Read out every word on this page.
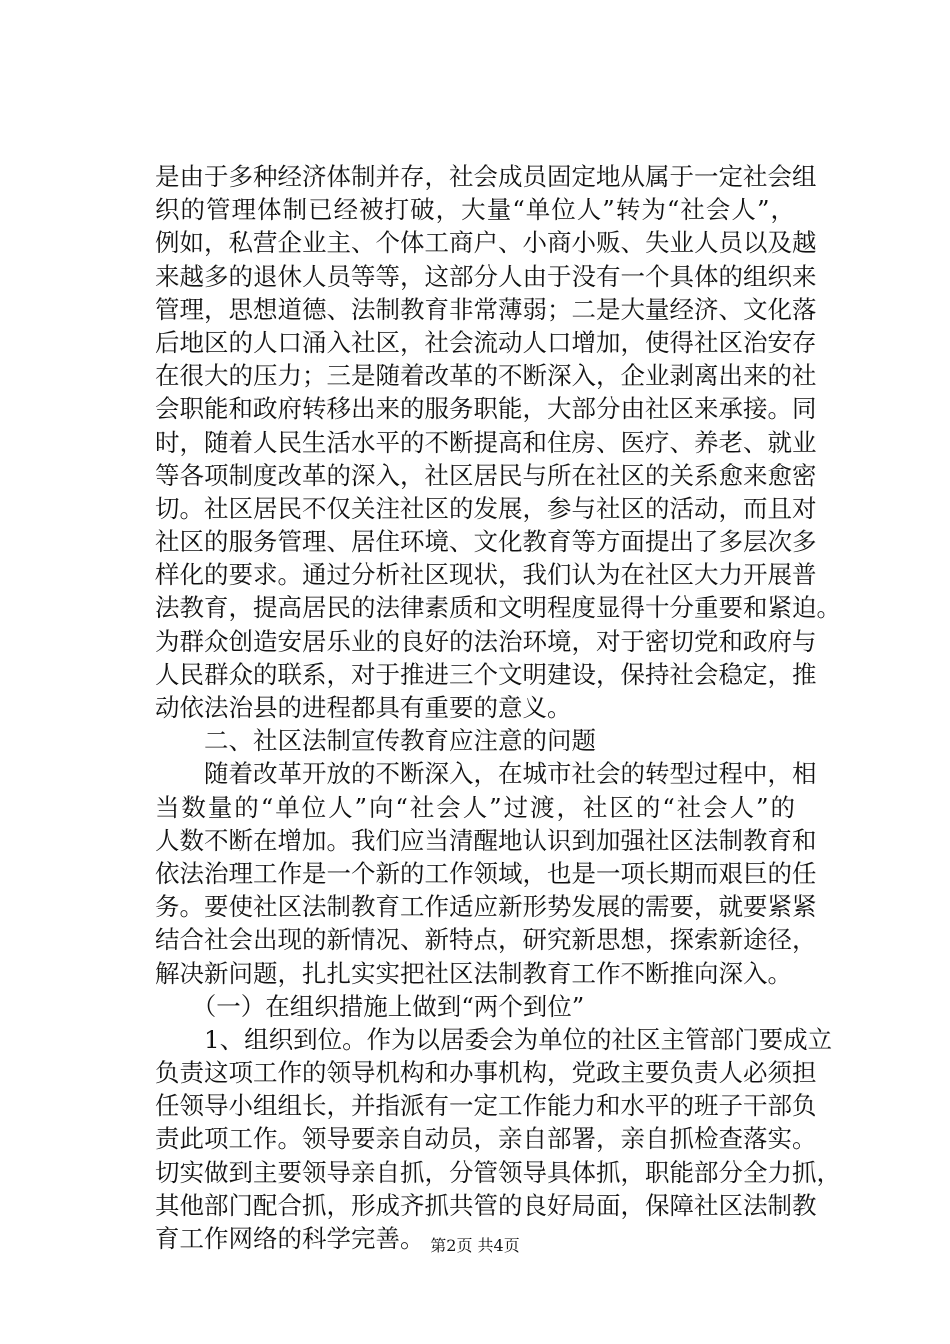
是由于多种经济体制并存，社会成员固定地从属于一定社会组
织的管理体制已经被打破，大量“单位人”转为“社会人”，
例如，私营企业主、个体工商户、小商小贩、失业人员以及越
来越多的退休人员等等，这部分人由于没有一个具体的组织来
管理，思想道德、法制教育非常薄弱；二是大量经济、文化落
后地区的人口涌入社区，社会流动人口增加，使得社区治安存
在很大的压力；三是随着改革的不断深入，企业剥离出来的社
会职能和政府转移出来的服务职能，大部分由社区来承接。同
时，随着人民生活水平的不断提高和住房、医疗、养老、就业
等各项制度改革的深入，社区居民与所在社区的关系愈来愈密
切。社区居民不仅关注社区的发展，参与社区的活动，而且对
社区的服务管理、居住环境、文化教育等方面提出了多层次多
样化的要求。通过分析社区现状，我们认为在社区大力开展普
法教育，提高居民的法律素质和文明程度显得十分重要和紧迫。
为群众创造安居乐业的良好的法治环境，对于密切党和政府与
人民群众的联系，对于推进三个文明建设，保持社会稳定，推
动依法治县的进程都具有重要的意义。
　　二、社区法制宣传教育应注意的问题
　　随着改革开放的不断深入，在城市社会的转型过程中，相
当数量的“单位人”向“社会人”过渡，社区的“社会人”的
人数不断在增加。我们应当清醒地认识到加强社区法制教育和
依法治理工作是一个新的工作领域，也是一项长期而艰巨的任
务。要使社区法制教育工作适应新形势发展的需要，就要紧紧
结合社会出现的新情况、新特点，研究新思想，探索新途径，
解决新问题，扎扎实实把社区法制教育工作不断推向深入。
　　（一）在组织措施上做到“两个到位”
　　1、组织到位。作为以居委会为单位的社区主管部门要成立
负责这项工作的领导机构和办事机构，党政主要负责人必须担
任领导小组组长，并指派有一定工作能力和水平的班子干部负
责此项工作。领导要亲自动员，亲自部署，亲自抓检查落实。
切实做到主要领导亲自抓，分管领导具体抓，职能部分全力抓，
其他部门配合抓，形成齐抓共管的良好局面，保障社区法制教
育工作网络的科学完善。 第2页 共4页
